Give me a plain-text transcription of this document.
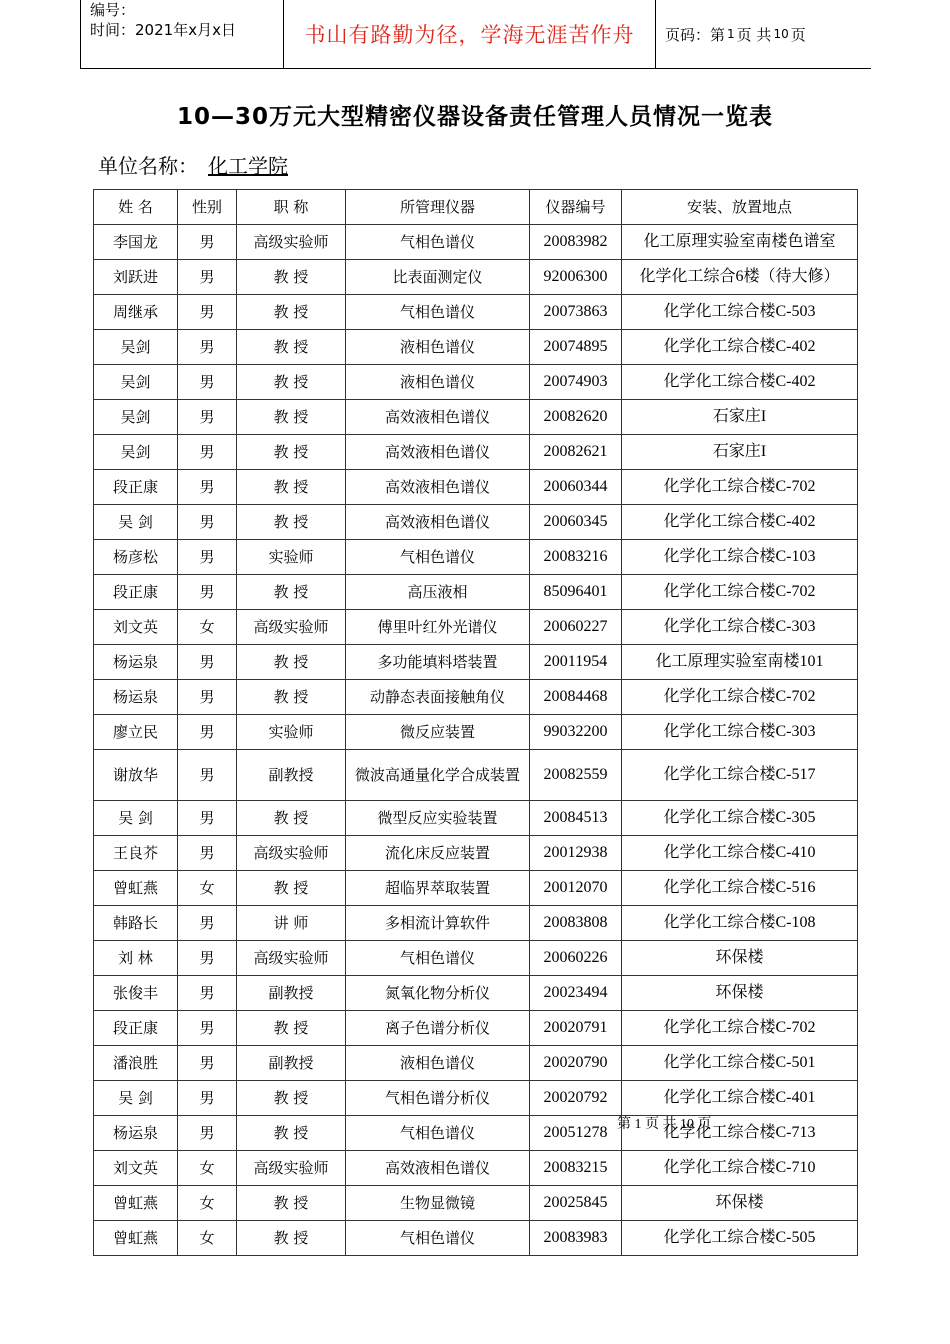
编号：
时间：2021年x月x日	书山有路勤为径，学海无涯苦作舟	页码：第 1 页 共 10 页
10—30万元大型精密仪器设备责任管理人员情况一览表
单位名称： 化工学院
姓 名	性别	职 称	所管理仪器	仪器编号	安装、放置地点
李国龙	男	高级实验师	气相色谱仪	20083982	化工原理实验室南楼色谱室
刘跃进	男	教 授	比表面测定仪	92006300	化学化工综合6楼（待大修）
周继承	男	教 授	气相色谱仪	20073863	化学化工综合楼C-503
吴剑	男	教 授	液相色谱仪	20074895	化学化工综合楼C-402
吴剑	男	教 授	液相色谱仪	20074903	化学化工综合楼C-402
吴剑	男	教 授	高效液相色谱仪	20082620	石家庄I
吴剑	男	教 授	高效液相色谱仪	20082621	石家庄I
段正康	男	教 授	高效液相色谱仪	20060344	化学化工综合楼C-702
吴 剑	男	教 授	高效液相色谱仪	20060345	化学化工综合楼C-402
杨彦松	男	实验师	气相色谱仪	20083216	化学化工综合楼C-103
段正康	男	教 授	高压液相	85096401	化学化工综合楼C-702
刘文英	女	高级实验师	傅里叶红外光谱仪	20060227	化学化工综合楼C-303
杨运泉	男	教 授	多功能填料塔装置	20011954	化工原理实验室南楼101
杨运泉	男	教 授	动静态表面接触角仪	20084468	化学化工综合楼C-702
廖立民	男	实验师	微反应装置	99032200	化学化工综合楼C-303
谢放华	男	副教授	微波高通量化学合成装置	20082559	化学化工综合楼C-517
吴 剑	男	教 授	微型反应实验装置	20084513	化学化工综合楼C-305
王良芥	男	高级实验师	流化床反应装置	20012938	化学化工综合楼C-410
曾虹燕	女	教 授	超临界萃取装置	20012070	化学化工综合楼C-516
韩路长	男	讲 师	多相流计算软件	20083808	化学化工综合楼C-108
刘 林	男	高级实验师	气相色谱仪	20060226	环保楼
张俊丰	男	副教授	氮氧化物分析仪	20023494	环保楼
段正康	男	教 授	离子色谱分析仪	20020791	化学化工综合楼C-702
潘浪胜	男	副教授	液相色谱仪	20020790	化学化工综合楼C-501
吴 剑	男	教 授	气相色谱分析仪	20020792	化学化工综合楼C-401
杨运泉	男	教 授	气相色谱仪	20051278	化学化工综合楼C-713
刘文英	女	高级实验师	高效液相色谱仪	20083215	化学化工综合楼C-710
曾虹燕	女	教 授	生物显微镜	20025845	环保楼
曾虹燕	女	教 授	气相色谱仪	20083983	化学化工综合楼C-505
第 1 页 共 10 页
